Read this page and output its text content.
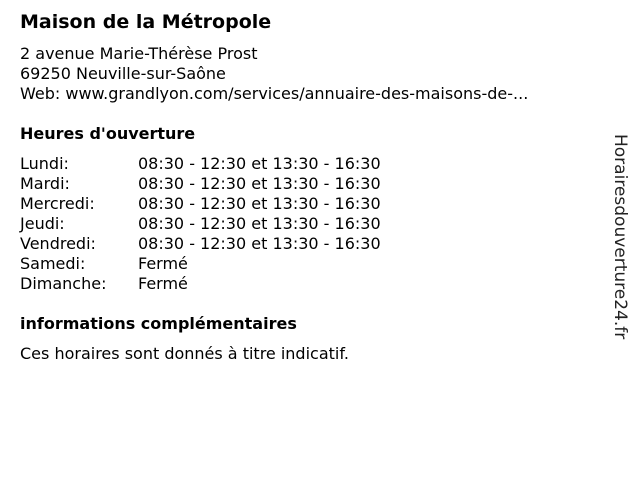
Maison de la Métropole
2 avenue Marie-Thérèse Prost
69250 Neuville-sur-Saône
Web: www.grandlyon.com/services/annuaire-des-maisons-de-...
Heures d'ouverture
Lundi:	08:30 - 12:30 et 13:30 - 16:30
Mardi:	08:30 - 12:30 et 13:30 - 16:30
Mercredi:	08:30 - 12:30 et 13:30 - 16:30
Jeudi:	08:30 - 12:30 et 13:30 - 16:30
Vendredi:	08:30 - 12:30 et 13:30 - 16:30
Samedi:	Fermé
Dimanche:	Fermé
informations complémentaires
Ces horaires sont donnés à titre indicatif.
Horairesdouverture24.fr
